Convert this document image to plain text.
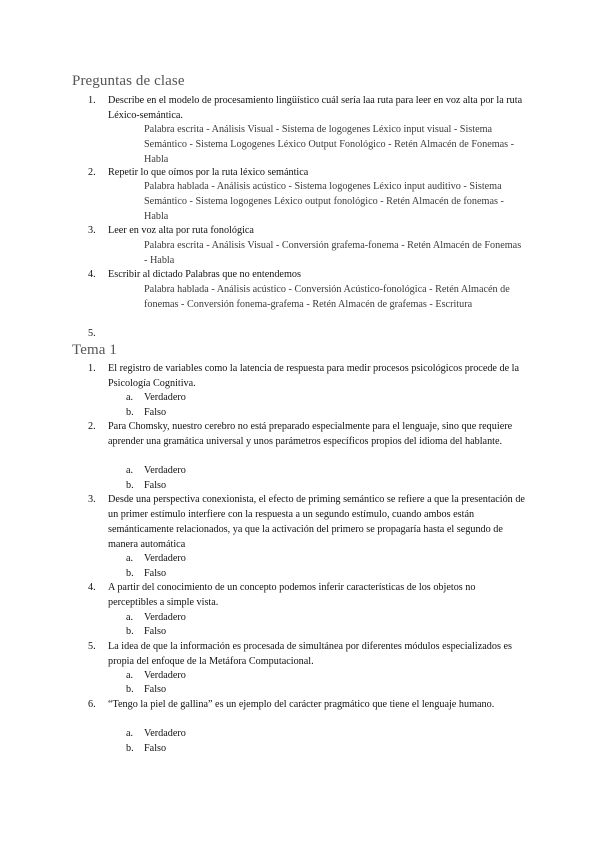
Preguntas de clase
1.	Describe en el modelo de procesamiento lingüístico cuál sería laa ruta para leer en voz alta por la ruta Léxico-semántica.
Palabra escrita - Análisis Visual - Sistema de logogenes Léxico input visual - Sistema Semántico - Sistema Logogenes Léxico Output Fonológico - Retén Almacén de Fonemas - Habla
2.	Repetir lo que oímos por la ruta léxico semántica
Palabra hablada - Análisis acústico - Sistema logogenes Léxico input auditivo - Sistema Semántico - Sistema logogenes Léxico output fonológico - Retén Almacén de fonemas - Habla
3.	Leer en voz alta por ruta fonológica
Palabra escrita - Análisis Visual - Conversión grafema-fonema - Retén Almacén de Fonemas - Habla
4.	Escribir al dictado Palabras que no entendemos
Palabra hablada - Análisis acústico - Conversión Acústico-fonológica - Retén Almacén de fonemas - Conversión fonema-grafema - Retén Almacén de grafemas - Escritura
5.
Tema 1
1.	El registro de variables como la latencia de respuesta para medir procesos psicológicos procede de la Psicología Cognitiva.
a.	Verdadero
b.	Falso
2.	Para Chomsky, nuestro cerebro no está preparado especialmente para el lenguaje, sino que requiere aprender una gramática universal y unos parámetros específicos propios del idioma del hablante.
a.	Verdadero
b.	Falso
3.	Desde una perspectiva conexionista, el efecto de priming semántico se refiere a que la presentación de un primer estímulo interfiere con la respuesta a un segundo estímulo, cuando ambos están semánticamente relacionados, ya que la activación del primero se propagaría hasta el segundo de manera automática
a.	Verdadero
b.	Falso
4.	A partir del conocimiento de un concepto podemos inferir características de los objetos no perceptibles a simple vista.
a.	Verdadero
b.	Falso
5.	La idea de que la información es procesada de simultánea por diferentes módulos especializados es propia del enfoque de la Metáfora Computacional.
a.	Verdadero
b.	Falso
6.	“Tengo la piel de gallina” es un ejemplo del carácter pragmático que tiene el lenguaje humano.
a.	Verdadero
b.	Falso
